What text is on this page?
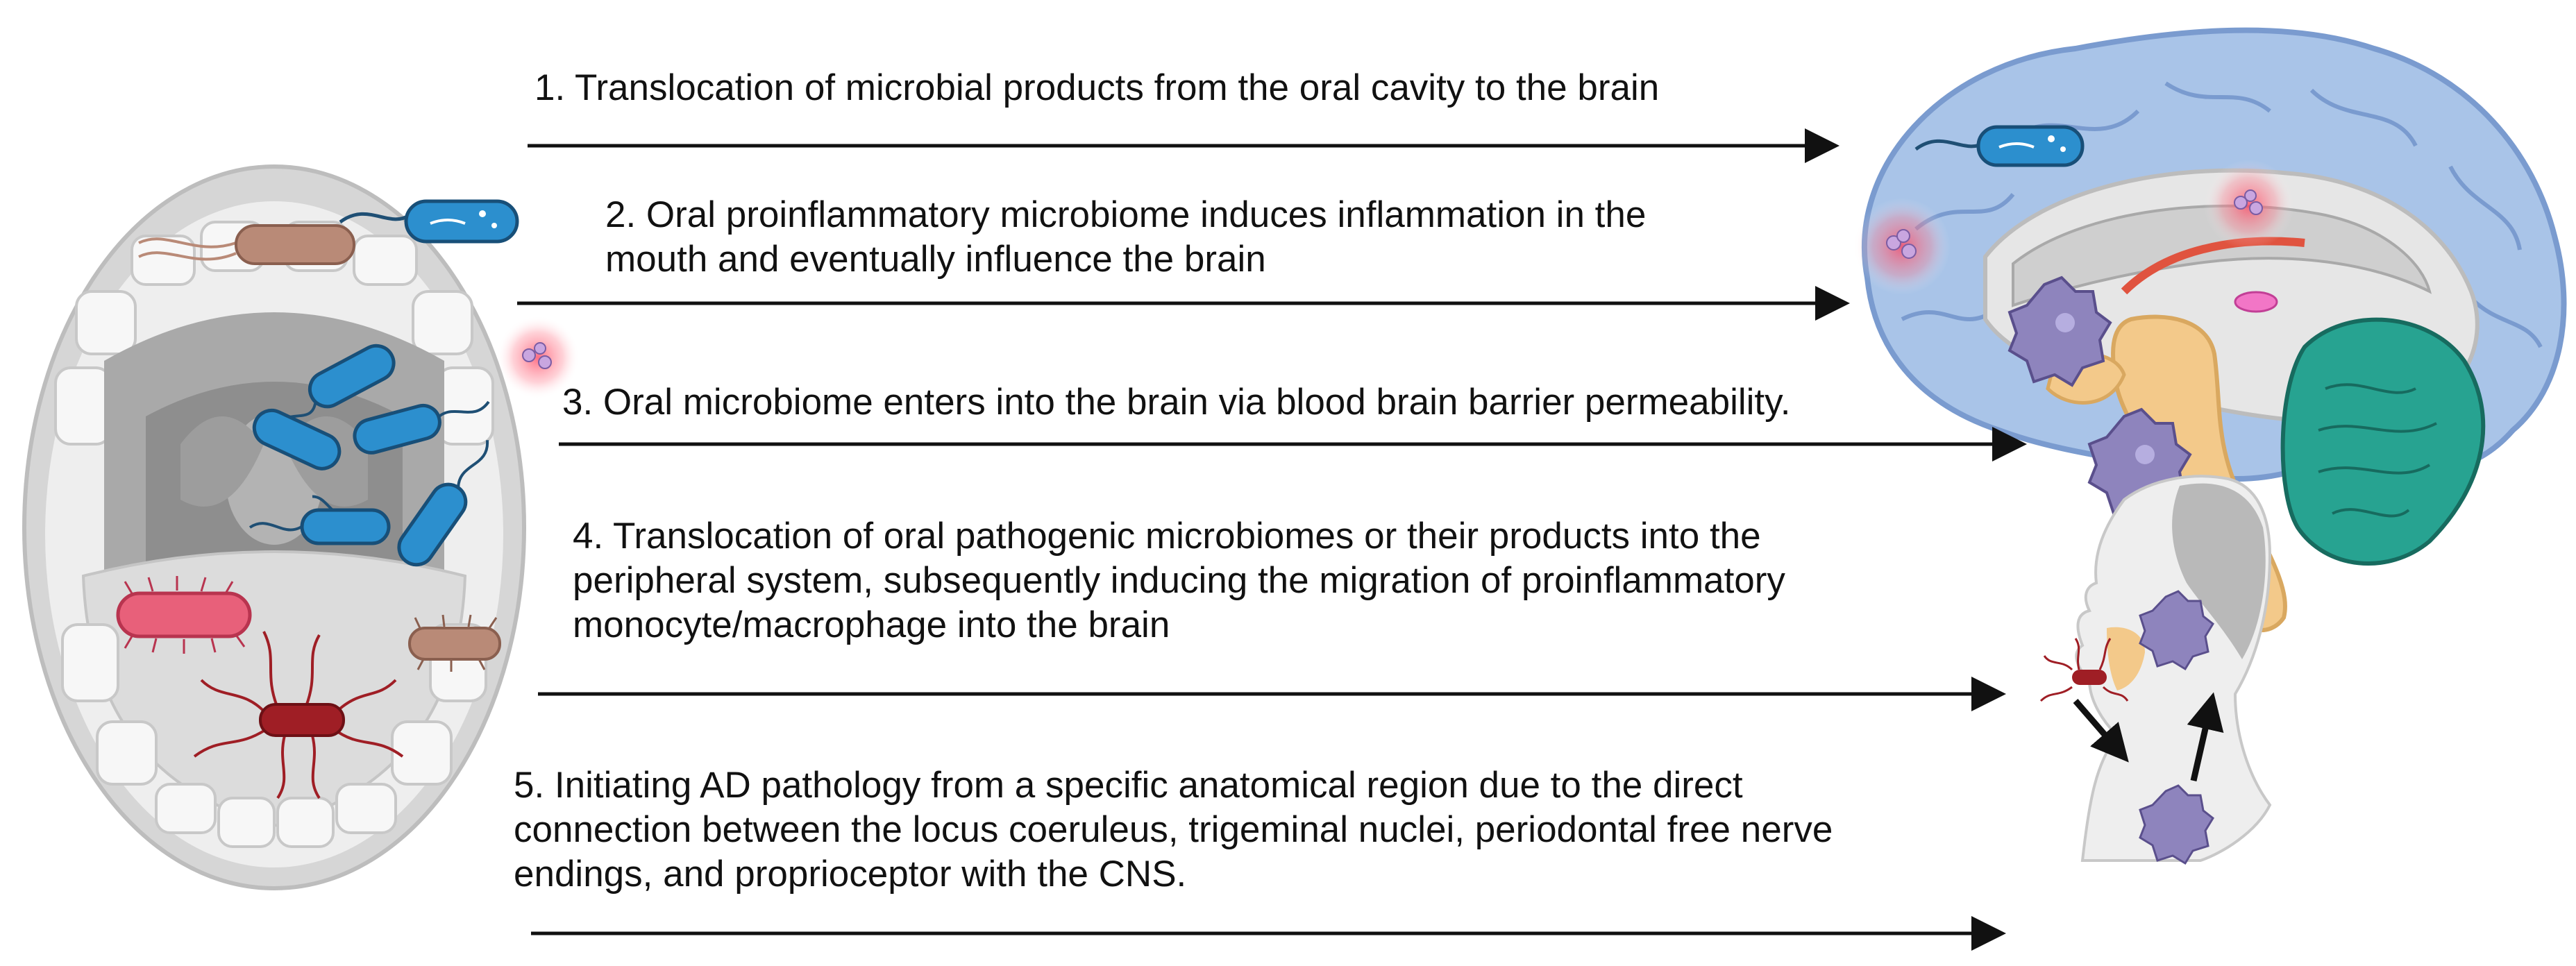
1. Translocation of microbial products from the oral cavity to the brain
2. Oral proinflammatory microbiome induces inflammation in the
mouth and eventually influence the brain
3. Oral microbiome enters into the brain via blood brain barrier permeability.
4. Translocation of oral pathogenic microbiomes or their products into the
peripheral system, subsequently inducing the migration of proinflammatory
monocyte/macrophage into the brain
5. Initiating AD pathology from a specific anatomical region due to the direct
connection between the locus coeruleus, trigeminal nuclei, periodontal free nerve
endings, and proprioceptor with the CNS.
